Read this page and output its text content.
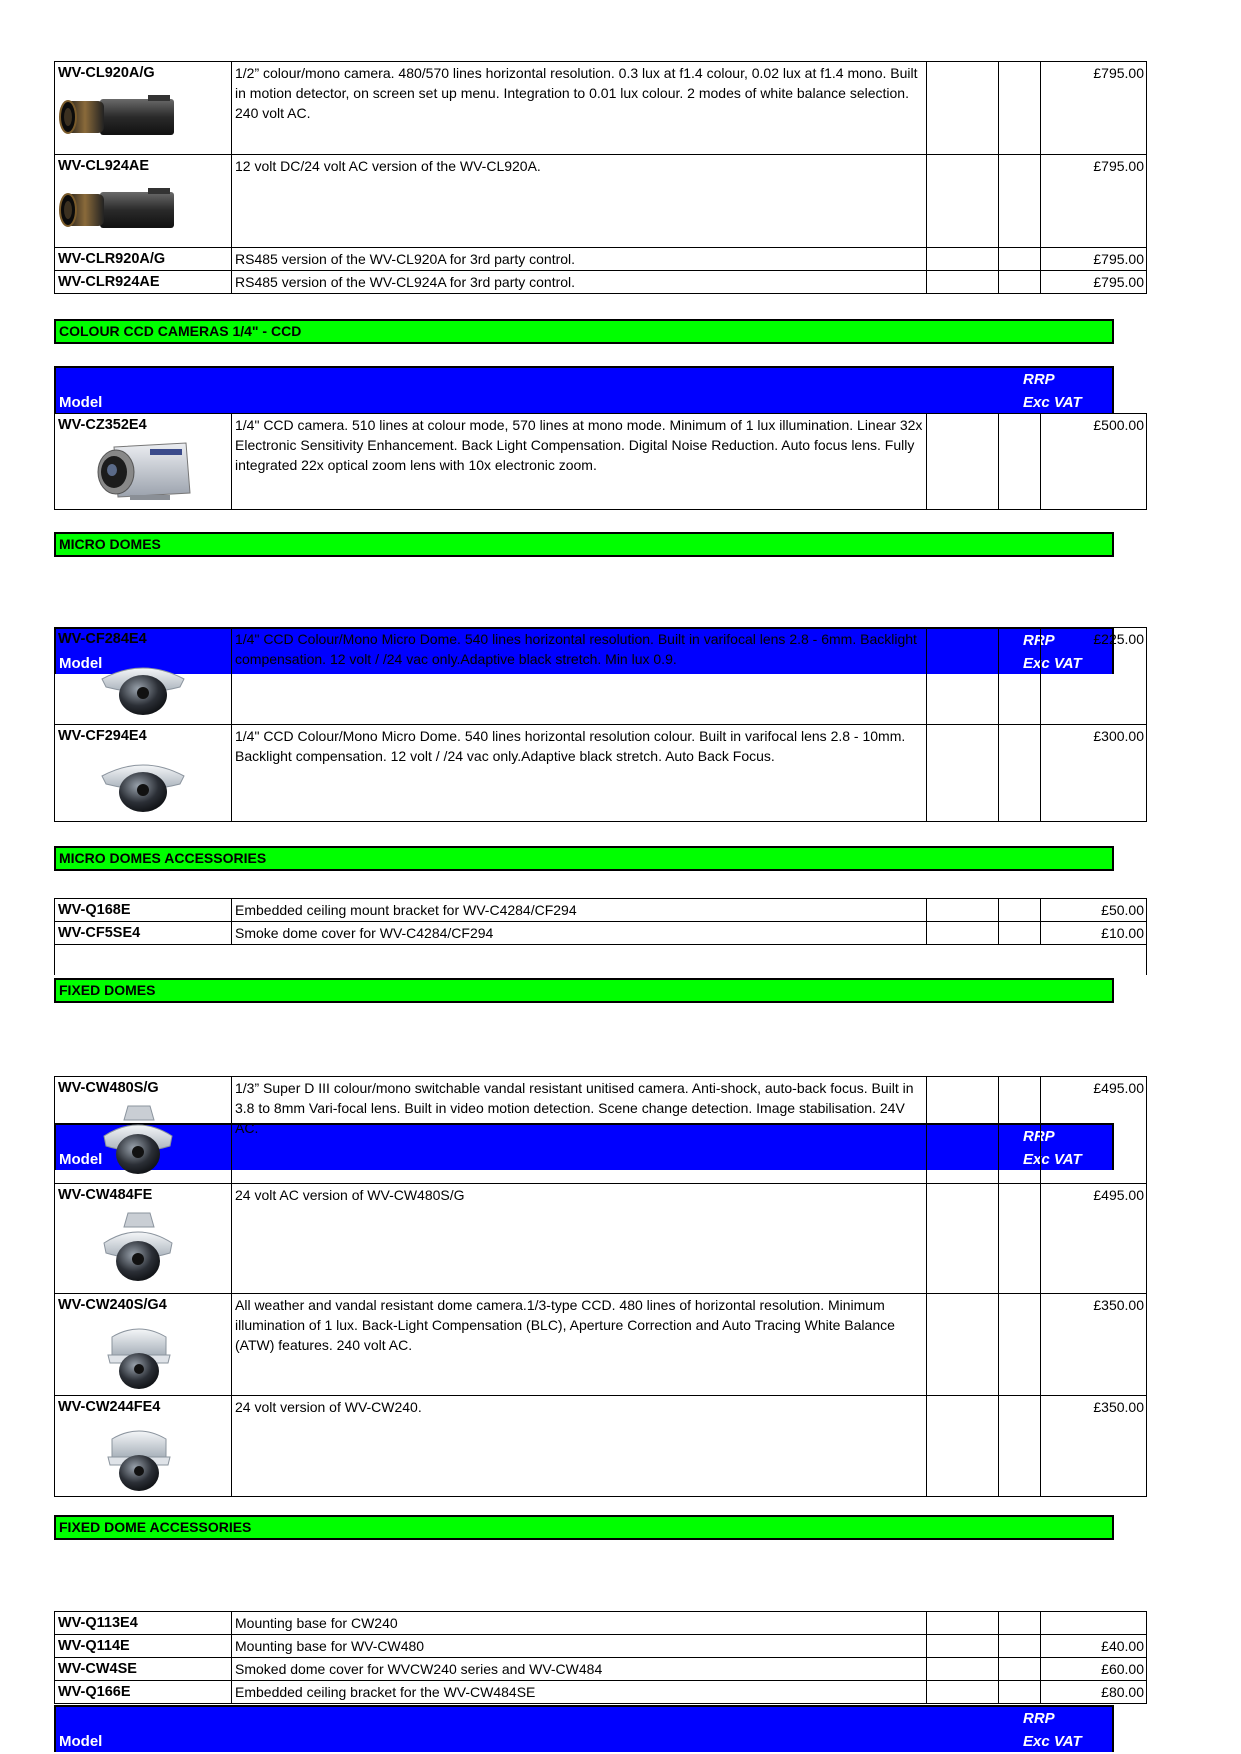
WV-CL920A/G	1/2” colour/mono camera. 480/570 lines horizontal resolution. 0.3 lux at f1.4 colour, 0.02 lux at f1.4 mono. Built in motion detector, on screen set up menu. Integration to 0.01 lux colour. 2 modes of white balance selection. 240 volt AC.			£795.00
WV-CL924AE	12 volt DC/24 volt AC version of the WV-CL920A.			£795.00
WV-CLR920A/G	RS485 version of the WV-CL920A for 3rd party control.			£795.00
WV-CLR924AE	RS485 version of the WV-CL924A for 3rd party control.			£795.00
COLOUR CCD CAMERAS 1/4" - CCD
Model
RRP
Exc VAT
WV-CZ352E4	1/4" CCD camera. 510 lines at colour mode, 570 lines at mono mode. Minimum of 1 lux illumination. Linear 32x Electronic Sensitivity Enhancement. Back Light Compensation. Digital Noise Reduction. Auto focus lens. Fully integrated 22x optical zoom lens with 10x electronic zoom.			£500.00
MICRO DOMES
Model
RRP
Exc VAT
WV-CF284E4	1/4" CCD Colour/Mono Micro Dome. 540 lines horizontal resolution. Built in varifocal lens 2.8 - 6mm. Backlight compensation. 12 volt / /24 vac only.Adaptive black stretch. Min lux 0.9.			£225.00
WV-CF294E4	1/4" CCD Colour/Mono Micro Dome. 540 lines horizontal resolution colour. Built in varifocal lens 2.8 - 10mm. Backlight compensation. 12 volt / /24 vac only.Adaptive black stretch. Auto Back Focus.			£300.00
MICRO DOMES ACCESSORIES
WV-Q168E	Embedded ceiling mount bracket for WV-C4284/CF294			£50.00
WV-CF5SE4	Smoke dome cover for WV-C4284/CF294			£10.00

FIXED DOMES
Model
RRP
Exc VAT
WV-CW480S/G	1/3” Super D III colour/mono switchable vandal resistant unitised camera. Anti-shock, auto-back focus. Built in 3.8 to 8mm Vari-focal lens. Built in video motion detection. Scene change detection. Image stabilisation. 24V AC.			£495.00
WV-CW484FE	24 volt AC version of WV-CW480S/G			£495.00
WV-CW240S/G4	All weather and vandal resistant dome camera.1/3-type CCD. 480 lines of horizontal resolution. Minimum illumination of 1 lux. Back-Light Compensation (BLC), Aperture Correction and Auto Tracing White Balance (ATW) features. 240 volt AC.			£350.00
WV-CW244FE4	24 volt version of WV-CW240.			£350.00
FIXED DOME ACCESSORIES
Model
RRP
Exc VAT
WV-Q113E4	Mounting base for CW240			
WV-Q114E	Mounting base for WV-CW480			£40.00
WV-CW4SE	Smoked dome cover for WVCW240 series and WV-CW484			£60.00
WV-Q166E	Embedded ceiling bracket for the WV-CW484SE			£80.00
